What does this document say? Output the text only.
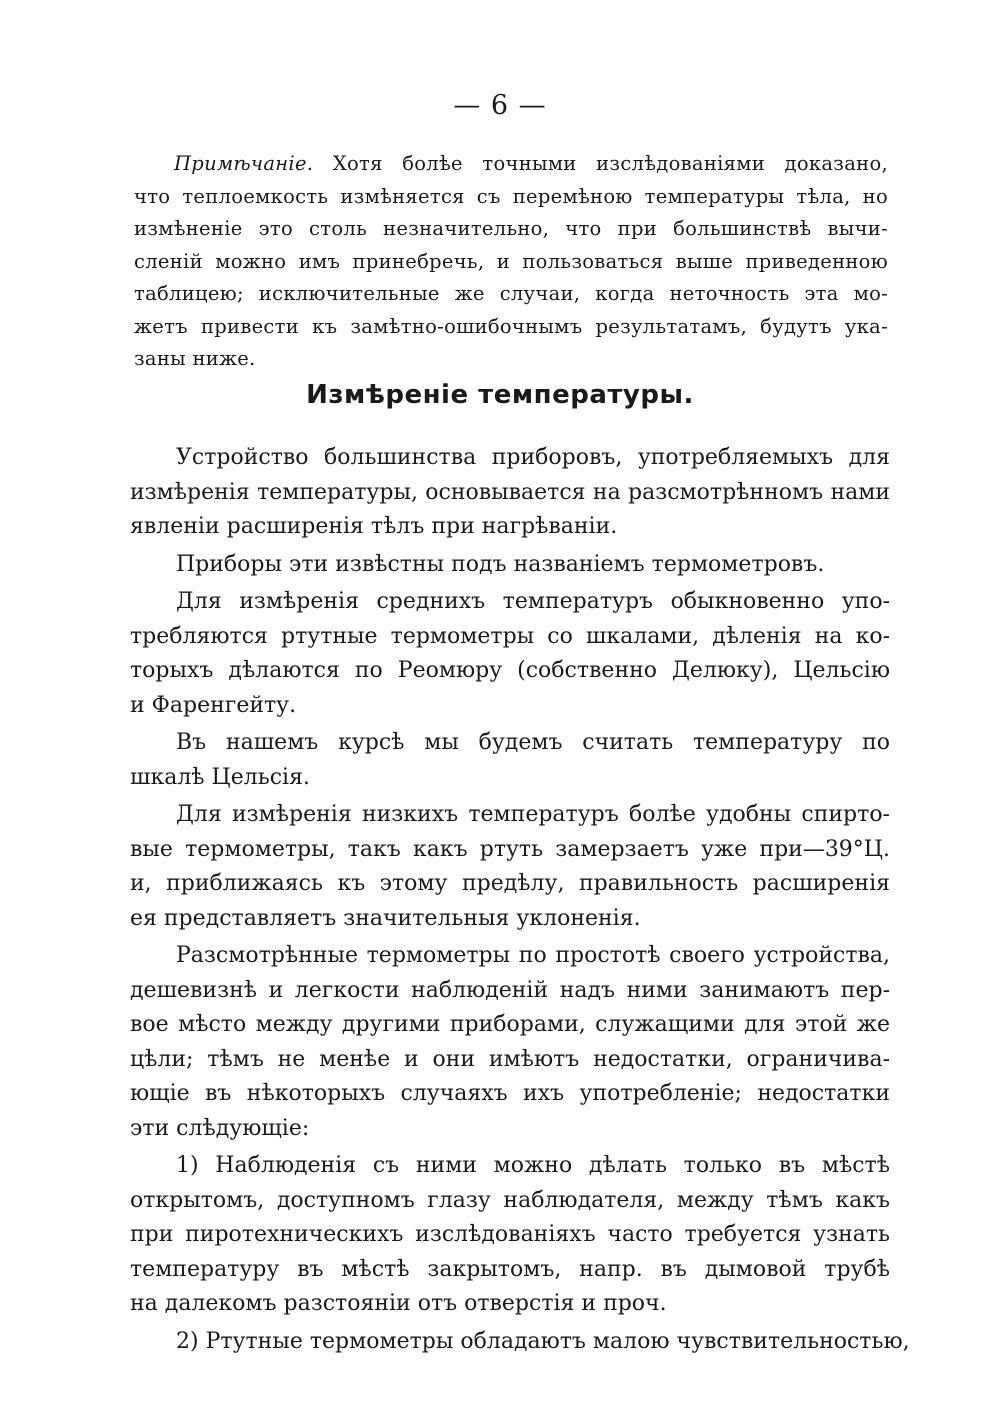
— 6 —
Примѣчаніе. Хотя болѣе точными изслѣдованіями доказано,
что теплоемкость измѣняется съ перемѣною температуры тѣла, но
измѣненіе это столь незначительно, что при большинствѣ вычи-
сленій можно имъ принебречь, и пользоваться выше приведенною
таблицею; исключительные же случаи, когда неточность эта мо-
жетъ привести къ замѣтно-ошибочнымъ результатамъ, будутъ ука-
заны ниже.
Измѣреніе температуры.
Устройство большинства приборовъ, употребляемыхъ для
измѣренія температуры, основывается на разсмотрѣнномъ нами
явленіи расширенія тѣлъ при нагрѣваніи.
Приборы эти извѣстны подъ названіемъ термометровъ.
Для измѣренія среднихъ температуръ обыкновенно упо-
требляются ртутные термометры со шкалами, дѣленія на ко-
торыхъ дѣлаются по Реомюру (собственно Делюку), Цельсію
и Фаренгейту.
Въ нашемъ курсѣ мы будемъ считать температуру по
шкалѣ Цельсія.
Для измѣренія низкихъ температуръ болѣе удобны спирто-
вые термометры, такъ какъ ртуть замерзаетъ уже при—39°Ц.
и, приближаясь къ этому предѣлу, правильность расширенія
ея представляетъ значительныя уклоненія.
Разсмотрѣнные термометры по простотѣ своего устройства,
дешевизнѣ и легкости наблюденій надъ ними занимаютъ пер-
вое мѣсто между другими приборами, служащими для этой же
цѣли; тѣмъ не менѣе и они имѣютъ недостатки, ограничива-
ющіе въ нѣкоторыхъ случаяхъ ихъ употребленіе; недостатки
эти слѣдующіе:
1) Наблюденія съ ними можно дѣлать только въ мѣстѣ
открытомъ, доступномъ глазу наблюдателя, между тѣмъ какъ
при пиротехническихъ изслѣдованіяхъ часто требуется узнать
температуру въ мѣстѣ закрытомъ, напр. въ дымовой трубѣ
на далекомъ разстояніи отъ отверстія и проч.
2) Ртутные термометры обладаютъ малою чувствительностью,
